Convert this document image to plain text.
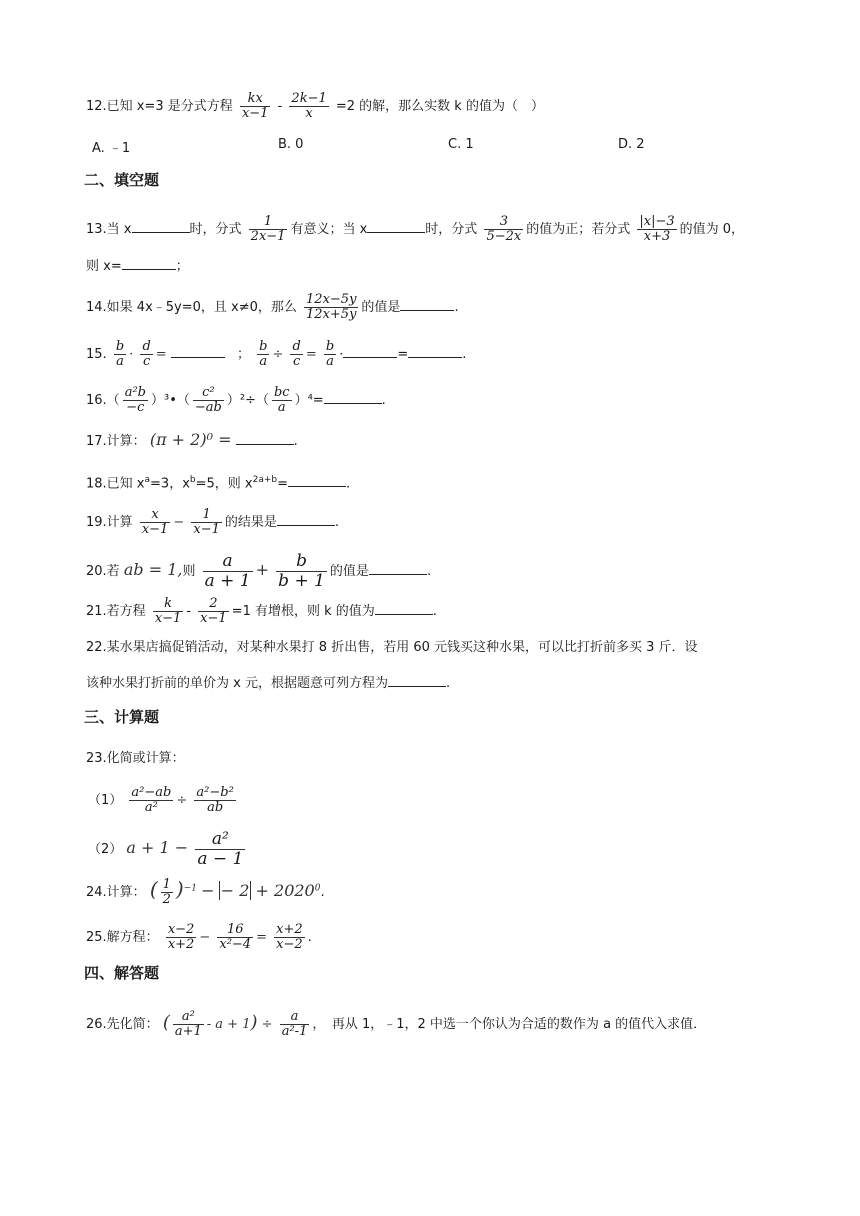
12.已知 x=3 是分式方程 $\frac{kx}{x-1} - \frac{2k-1}{x} =2$ 的解，那么实数 k 的值为（　）
A. ﹣1	B. 0	C. 1	D. 2
二、填空题
13.当 x	时，分式 $\frac{1}{2x-1}$ 有意义；当 x	时，分式 $\frac{3}{5-2x}$ 的值为正；若分式 $\frac{|x|-3}{x+3}$ 的值为 0，
则 x=	；
14.如果 4x﹣5y=0，且 x≠0，那么 $\frac{12x-5y}{12x+5y}$ 的值是	.
15. $\frac{b}{a} \cdot \frac{d}{c}$ =	； $\frac{b}{a} \div \frac{d}{c} = \frac{b}{a}$ ·	=	.
$16.( \frac{\text{a²b}}{-c}$ ）³•（ $\frac{\text{c²}}{-ab} )^2\div( \frac{bc}{a} )^4=$	.
17.计算： (π + 2)⁰ =	.
18.已知 $x^a=3$，$x^b=5$，则 $x^{2a+b}=$	.
19.计算 $\frac{x}{x-1} - \frac{1}{x-1}$ 的结果是	.
20.若 ab = 1,则 $\frac{a}{a + 1} + \frac{b}{b + 1}$ 的值是	.
21.若方程 $\frac{k}{x-1} - \frac{2}{x-1} =1$ 有增根，则 k 的值为	.
22.某水果店搞促销活动，对某种水果打 8 折出售，若用 60 元钱买这种水果，可以比打折前多买 3 斤．设
该种水果打折前的单价为 x 元，根据题意可列方程为	.
三、计算题
23.化简或计算：
$(1) \frac{\text{a²−ab}}{\text{a²}} \div \frac{\text{a²−b²}}{ab}$
（2） $a + 1 - \frac{\text{a²}}{a - 1}$
24.计算： ( $\frac{1}{2} )^{-1}$ − − $2 + 2020^0$.
25.解方程： $\frac{x-2}{x+2} - \frac{16}{\text{x²−4}} = \frac{x+2}{x-2}$ .
四、解答题
26.先化简： ( $\frac{\text{a²}}{a+1} - a + 1) \div \frac{a}{\text{a²-1}}$ ，　再从 1，﹣1，2 中选一个你认为合适的数作为 a 的值代入求值．
